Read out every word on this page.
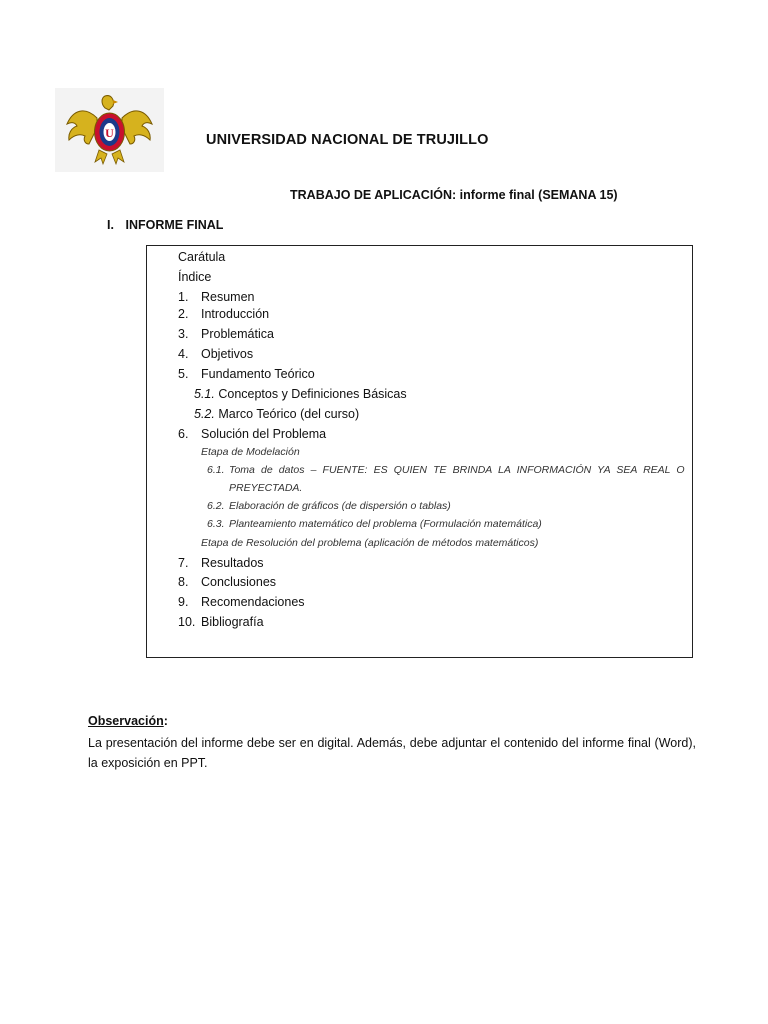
U	UNIVERSIDAD NACIONAL DE TRUJILLO
TRABAJO DE APLICACIÓN: informe final (SEMANA 15)
I. INFORME FINAL
Carátula
Índice
1. Resumen
2. Introducción
3. Problemática
4. Objetivos
5. Fundamento Teórico
5.1. Conceptos y Definiciones Básicas
5.2. Marco Teórico (del curso)
6. Solución del Problema
Etapa de Modelación
6.1. Toma de datos – FUENTE: ES QUIEN TE BRINDA LA INFORMACIÓN YA SEA REAL O
PREYECTADA.
6.2. Elaboración de gráficos (de dispersión o tablas)
6.3. Planteamiento matemático del problema (Formulación matemática)
Etapa de Resolución del problema (aplicación de métodos matemáticos)
7. Resultados
8. Conclusiones
9. Recomendaciones
10. Bibliografía
Observación:
La presentación del informe debe ser en digital. Además, debe adjuntar el contenido del informe final (Word), la exposición en PPT.
